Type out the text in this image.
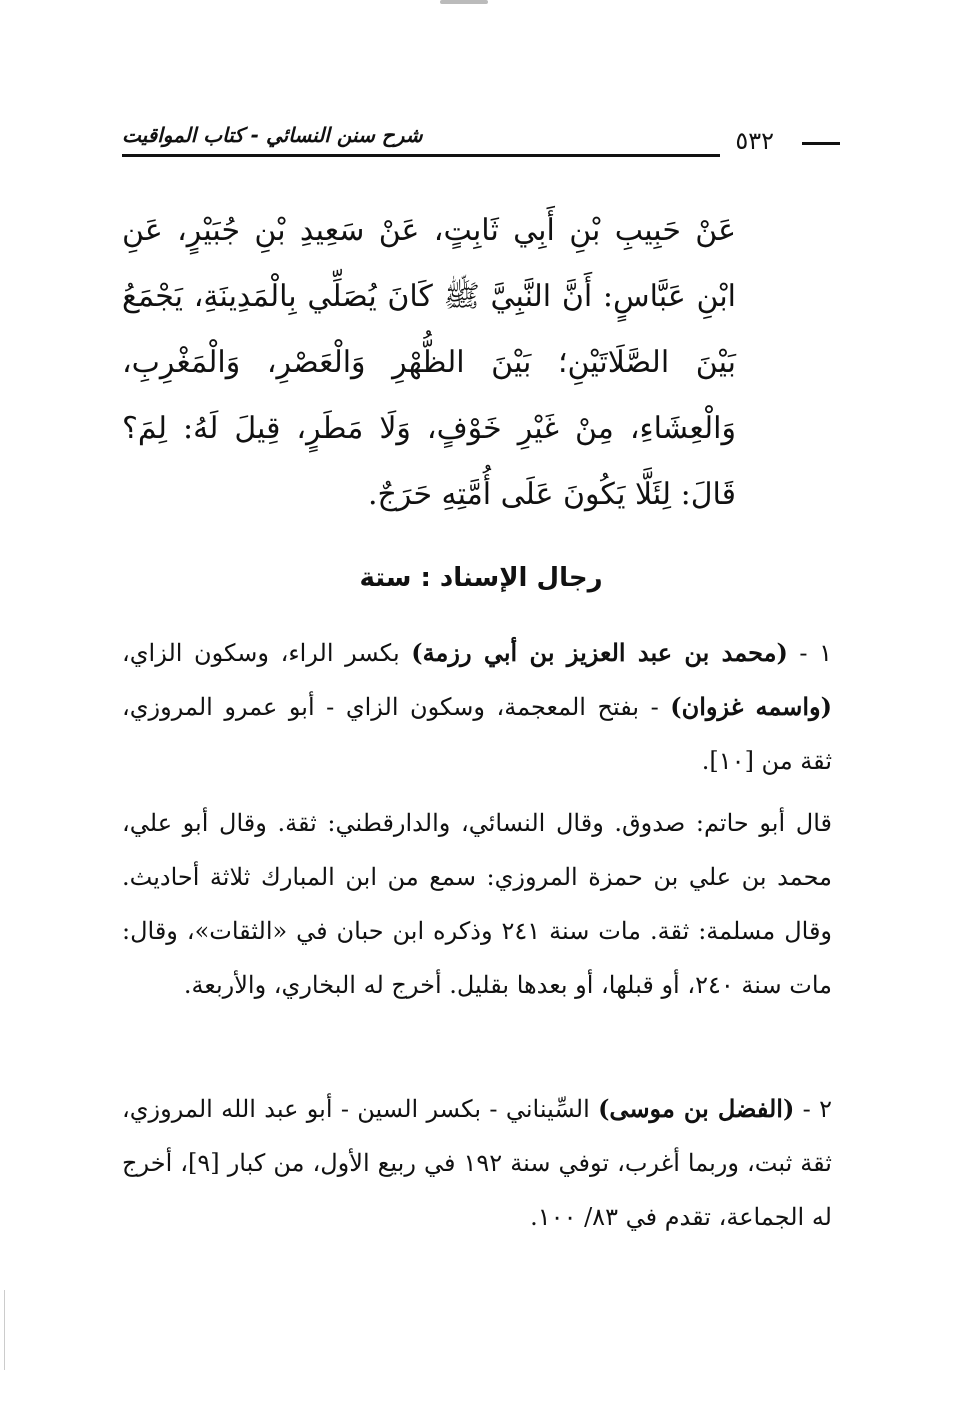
شرح سنن النسائي - كتاب المواقيت	٥٣٢
عَنْ حَبِيبِ بْنِ أَبِي ثَابِتٍ، عَنْ سَعِيدِ بْنِ جُبَيْرٍ، عَنِ ابْنِ عَبَّاسٍ: أَنَّ النَّبِيَّ ﷺ كَانَ يُصَلِّي بِالْمَدِينَةِ، يَجْمَعُ بَيْنَ الصَّلَاتَيْنِ؛ بَيْنَ الظُّهْرِ وَالْعَصْرِ، وَالْمَغْرِبِ، وَالْعِشَاءِ، مِنْ غَيْرِ خَوْفٍ، وَلَا مَطَرٍ، قِيلَ لَهُ: لِمَ؟ قَالَ: لِئَلَّا يَكُونَ عَلَى أُمَّتِهِ حَرَجٌ.
رجال الإسناد : ستة
١ - (محمد بن عبد العزيز بن أبي رزمة) بكسر الراء، وسكون الزاي، (واسمه غزوان) - بفتح المعجمة، وسكون الزاي - أبو عمرو المروزي، ثقة من [١٠].
قال أبو حاتم: صدوق. وقال النسائي، والدارقطني: ثقة. وقال أبو علي، محمد بن علي بن حمزة المروزي: سمع من ابن المبارك ثلاثة أحاديث. وقال مسلمة: ثقة. مات سنة ٢٤١ وذكره ابن حبان في «الثقات»، وقال: مات سنة ٢٤٠، أو قبلها، أو بعدها بقليل. أخرج له البخاري، والأربعة.
٢ - (الفضل بن موسى) السِّيناني - بكسر السين - أبو عبد الله المروزي، ثقة ثبت، وربما أغرب، توفي سنة ١٩٢ في ربيع الأول، من كبار [٩]، أخرج له الجماعة، تقدم في ٨٣/ ١٠٠.
